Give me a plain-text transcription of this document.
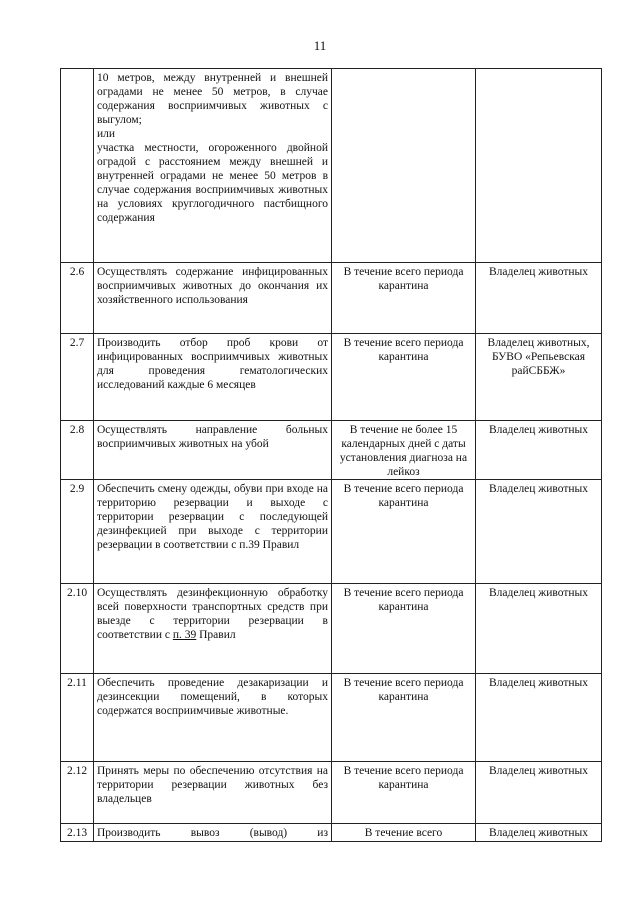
11
	10 метров, между внутренней и внешней оградами не менее 50 метров, в случае содержания восприимчивых животных с выгулом;
или
участка местности, огороженного двойной оградой с расстоянием между внешней и внутренней оградами не менее 50 метров в случае содержания восприимчивых животных на условиях круглогодичного пастбищного содержания		
2.6	Осуществлять содержание инфицированных восприимчивых животных до окончания их хозяйственного использования	В течение всего периода карантина	Владелец животных
2.7	Производить отбор проб крови от инфицированных восприимчивых животных для проведения гематологических исследований каждые 6 месяцев	В течение всего периода карантина	Владелец животных, БУВО «Репьевская райСББЖ»
2.8	Осуществлять направление больных восприимчивых животных на убой	В течение не более 15 календарных дней с даты установления диагноза на лейкоз	Владелец животных
2.9	Обеспечить смену одежды, обуви при входе на территорию резервации и выходе с территории резервации с последующей дезинфекцией при выходе с территории резервации в соответствии с п.39 Правил	В течение всего периода карантина	Владелец животных
2.10	Осуществлять дезинфекционную обработку всей поверхности транспортных средств при выезде с территории резервации в соответствии с п. 39 Правил	В течение всего периода карантина	Владелец животных
2.11	Обеспечить проведение дезакаризации и дезинсекции помещений, в которых содержатся восприимчивые животные.	В течение всего периода карантина	Владелец животных
2.12	Принять меры по обеспечению отсутствия на территории резервации животных без владельцев	В течение всего периода карантина	Владелец животных
2.13	Производить вывоз (вывод) из	В течение всего	Владелец животных
